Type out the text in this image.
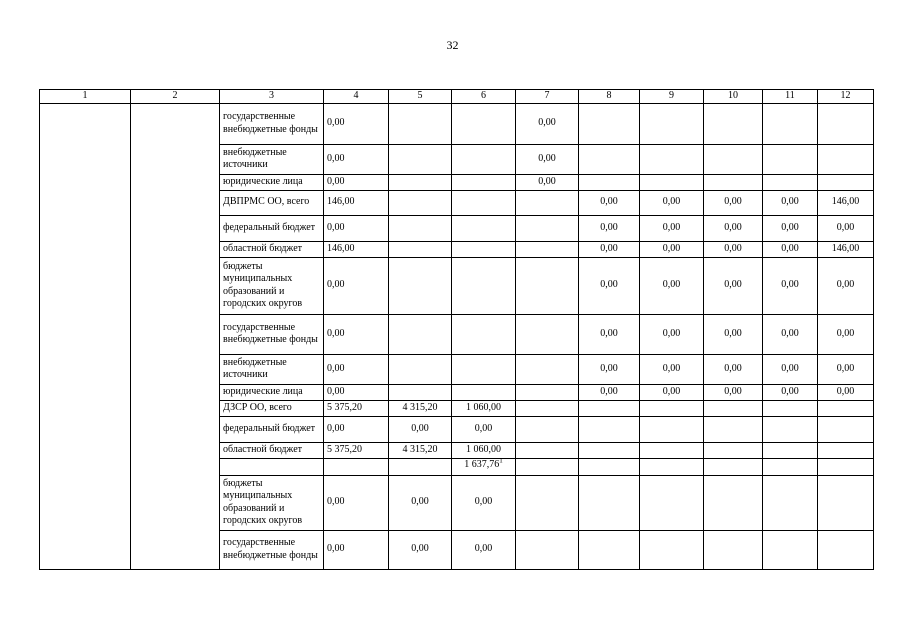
32
1	2	3	4	5	6	7	8	9	10	11	12
		государственные внебюджетные фонды	0,00			0,00					
		внебюджетные источники	0,00			0,00					
		юридические лица	0,00			0,00					
		ДВПРМС ОО, всего	146,00				0,00	0,00	0,00	0,00	146,00
		федеральный бюджет	0,00				0,00	0,00	0,00	0,00	0,00
		областной бюджет	146,00				0,00	0,00	0,00	0,00	146,00
		бюджеты муниципальных образований и городских округов	0,00				0,00	0,00	0,00	0,00	0,00
		государственные внебюджетные фонды	0,00				0,00	0,00	0,00	0,00	0,00
		внебюджетные источники	0,00				0,00	0,00	0,00	0,00	0,00
		юридические лица	0,00				0,00	0,00	0,00	0,00	0,00
		ДЗСР ОО, всего	5 375,20	4 315,20	1 060,00						
		федеральный бюджет	0,00	0,00	0,00						
		областной бюджет	5 375,20	4 315,20	1 060,00						
					1 637,76$^1$						
		бюджеты муниципальных образований и городских округов	0,00	0,00	0,00						
		государственные внебюджетные фонды	0,00	0,00	0,00						
